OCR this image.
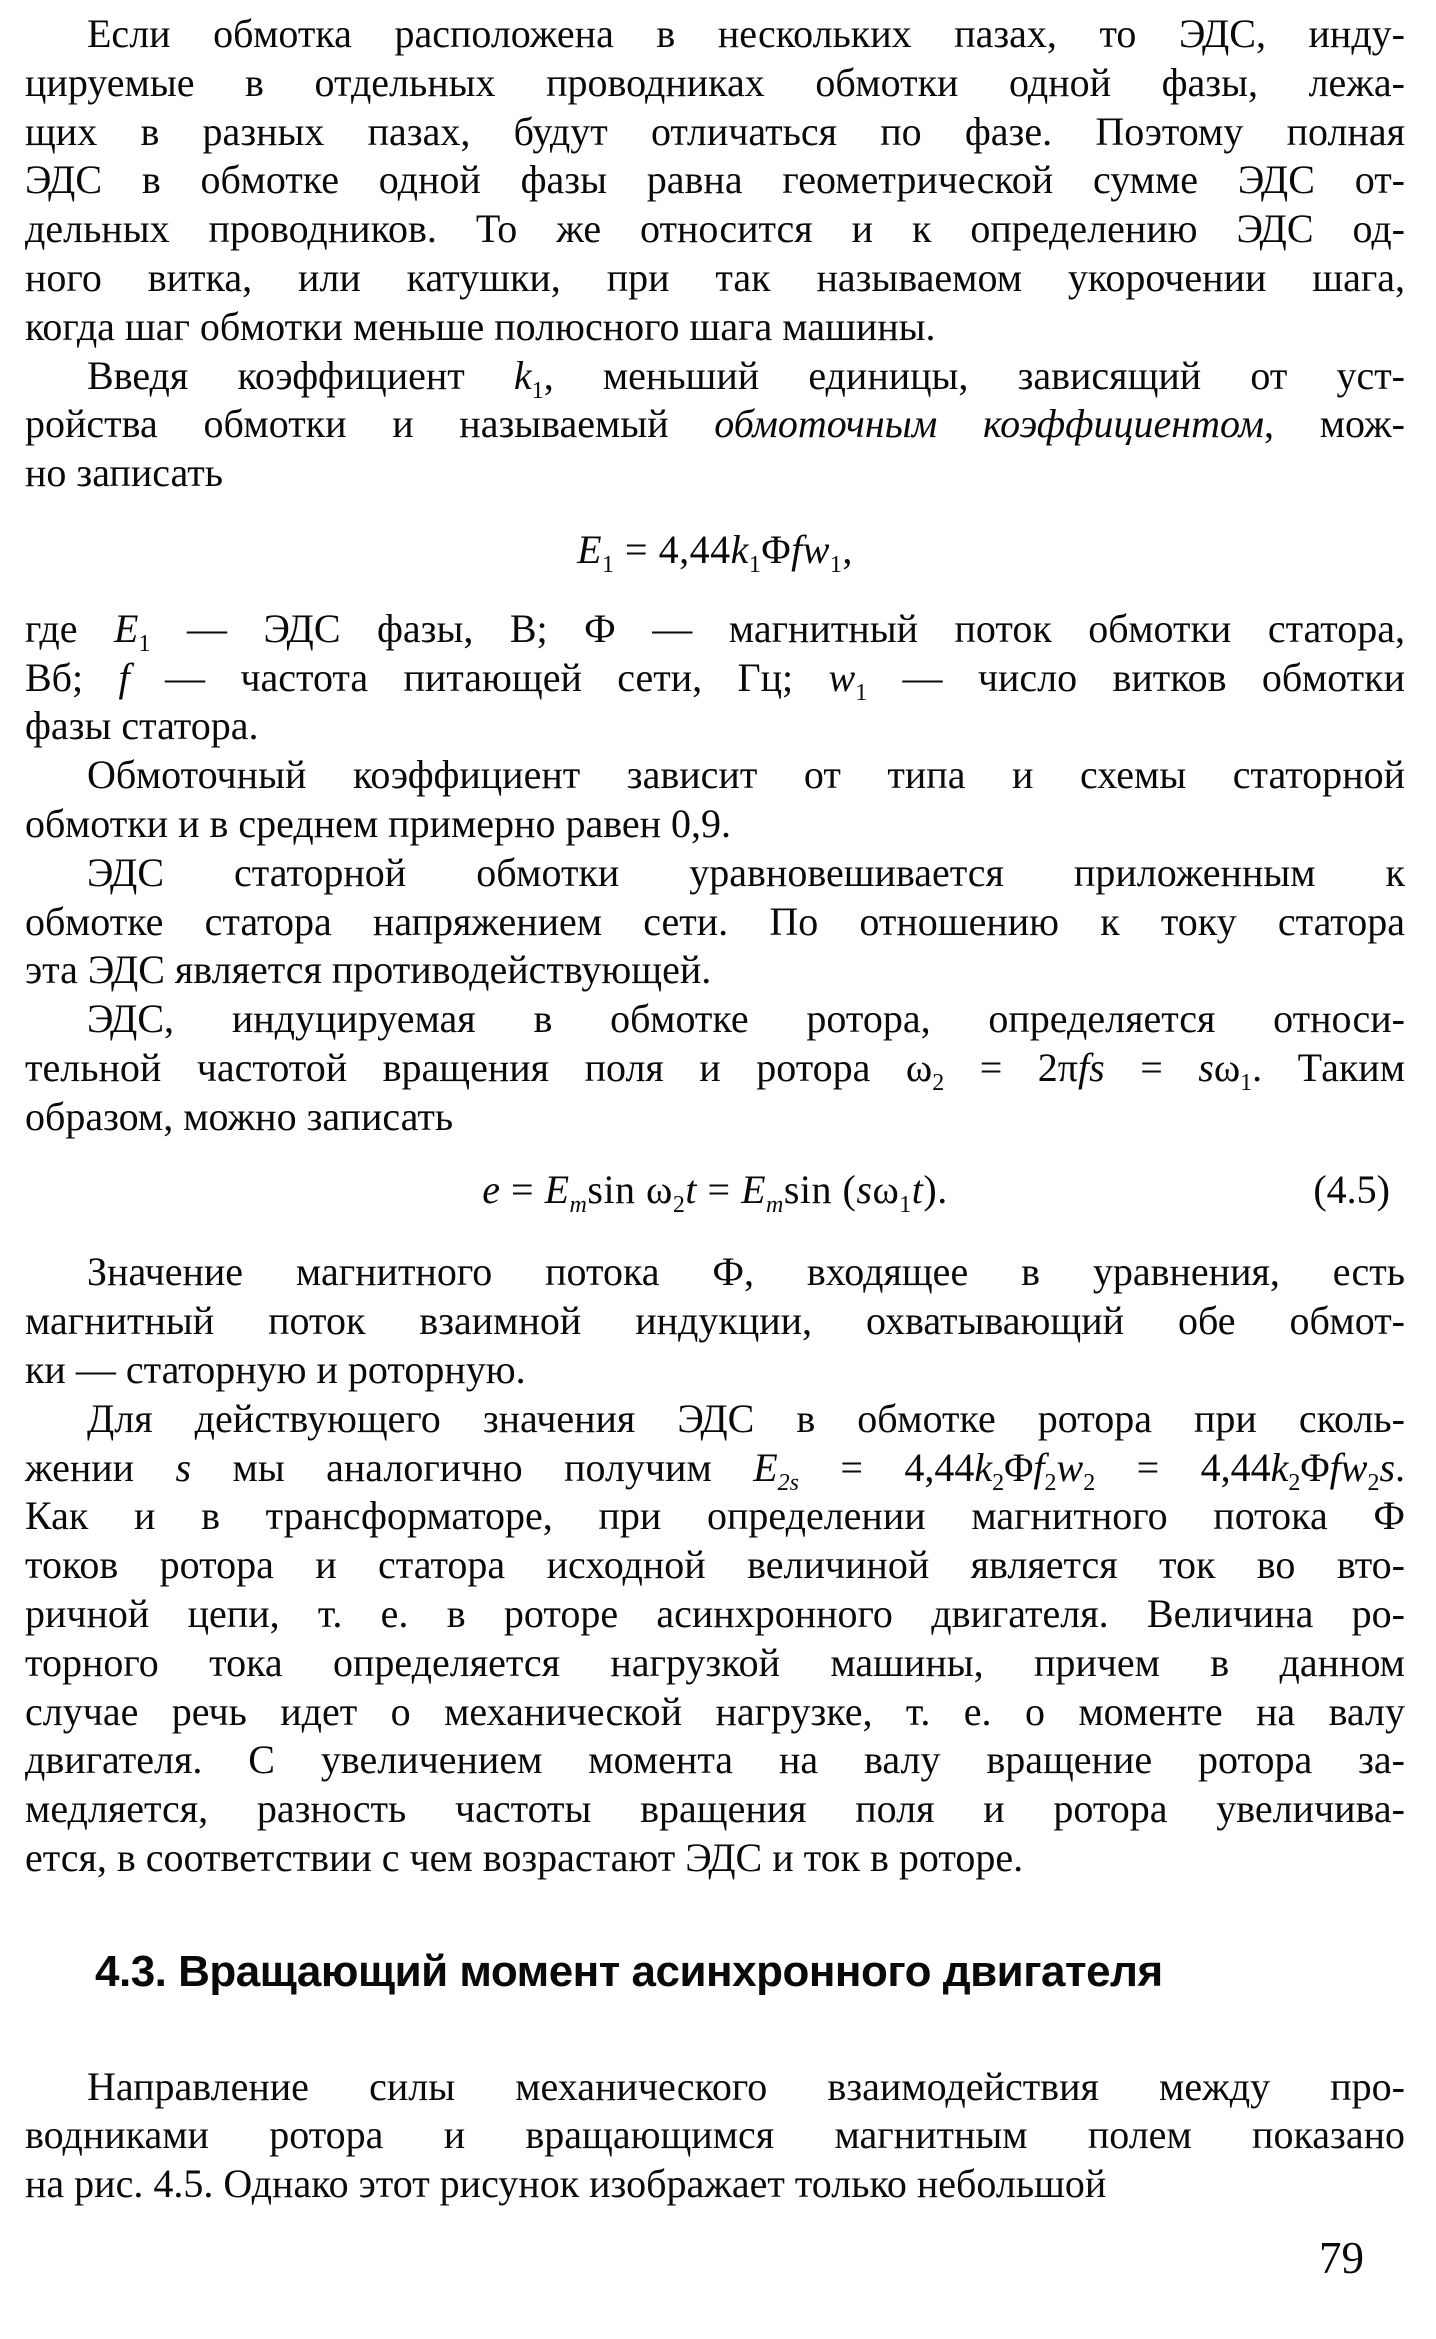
Если обмотка расположена в нескольких пазах, то ЭДС, инду-
цируемые в отдельных проводниках обмотки одной фазы, лежа-
щих в разных пазах, будут отличаться по фазе. Поэтому полная
ЭДС в обмотке одной фазы равна геометрической сумме ЭДС от-
дельных проводников. То же относится и к определению ЭДС од-
ного витка, или катушки, при так называемом укорочении шага,
когда шаг обмотки меньше полюсного шага машины.
Введя коэффициент $k_1$, меньший единицы, зависящий от уст-
ройства обмотки и называемый обмоточным коэффициентом, мож-
но записать
$E_1 = 4,44k_1\Phi fw_1$,
где $E_1$ — ЭДС фазы, В; Ф — магнитный поток обмотки статора,
Вб; f — частота питающей сети, Гц; $w_1$ — число витков обмотки
фазы статора.
Обмоточный коэффициент зависит от типа и схемы статорной
обмотки и в среднем примерно равен 0,9.
ЭДС статорной обмотки уравновешивается приложенным к
обмотке статора напряжением сети. По отношению к току статора
эта ЭДС является противодействующей.
ЭДС, индуцируемая в обмотке ротора, определяется относи-
тельной частотой вращения поля и ротора $\omega_2 = 2\pi fs = s\omega_1$. Таким
образом, можно записать
$e = E_m\sin$ $\omega_2t = E_m\sin$ $(s\omega_1t)$.	(4.5)
Значение магнитного потока Ф, входящее в уравнения, есть
магнитный поток взаимной индукции, охватывающий обе обмот-
ки — статорную и роторную.
Для действующего значения ЭДС в обмотке ротора при сколь-
жении s мы аналогично получим $E_{2s} = 4,44k_2\Phi f_2w_2 = 4,44k_2\Phi fw_2s$.
Как и в трансформаторе, при определении магнитного потока Ф
токов ротора и статора исходной величиной является ток во вто-
ричной цепи, т. е. в роторе асинхронного двигателя. Величина ро-
торного тока определяется нагрузкой машины, причем в данном
случае речь идет о механической нагрузке, т. е. о моменте на валу
двигателя. С увеличением момента на валу вращение ротора за-
медляется, разность частоты вращения поля и ротора увеличива-
ется, в соответствии с чем возрастают ЭДС и ток в роторе.
4.3. Вращающий момент асинхронного двигателя
Направление силы механического взаимодействия между про-
водниками ротора и вращающимся магнитным полем показано
на рис. 4.5. Однако этот рисунок изображает только небольшой
79
